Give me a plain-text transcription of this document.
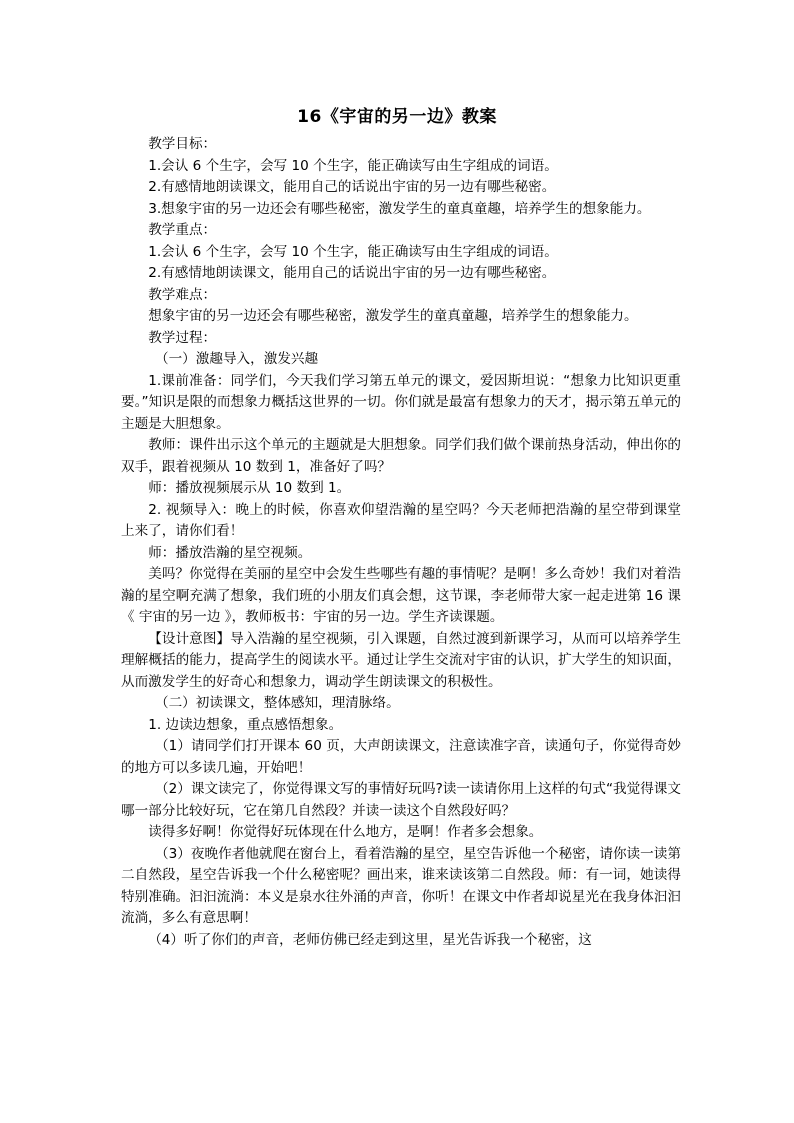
16《宇宙的另一边》教案

教学目标：

1.会认 6 个生字，会写 10 个生字，能正确读写由生字组成的词语。

2.有感情地朗读课文，能用自己的话说出宇宙的另一边有哪些秘密。

3.想象宇宙的另一边还会有哪些秘密，激发学生的童真童趣，培养学生的想象能力。

教学重点：

1.会认 6 个生字，会写 10 个生字，能正确读写由生字组成的词语。

2.有感情地朗读课文，能用自己的话说出宇宙的另一边有哪些秘密。

教学难点：

想象宇宙的另一边还会有哪些秘密，激发学生的童真童趣，培养学生的想象能力。

教学过程：

（一）激趣导入，激发兴趣

1.课前准备：同学们，今天我们学习第五单元的课文，爱因斯坦说：“想象力比知识更重要。”知识是限的而想象力概括这世界的一切。你们就是最富有想象力的天才，揭示第五单元的主题是大胆想象。

教师：课件出示这个单元的主题就是大胆想象。同学们我们做个课前热身活动，伸出你的双手，跟着视频从 10 数到 1，准备好了吗？

师：播放视频展示从 10 数到 1。

2. 视频导入：晚上的时候，你喜欢仰望浩瀚的星空吗？今天老师把浩瀚的星空带到课堂上来了，请你们看！

师：播放浩瀚的星空视频。

美吗？你觉得在美丽的星空中会发生些哪些有趣的事情呢？是啊！多么奇妙！我们对着浩瀚的星空啊充满了想象，我们班的小朋友们真会想，这节课，李老师带大家一起走进第 16 课《 宇宙的另一边 》，教师板书：宇宙的另一边。学生齐读课题。

【设计意图】导入浩瀚的星空视频，引入课题，自然过渡到新课学习，从而可以培养学生理解概括的能力，提高学生的阅读水平。通过让学生交流对宇宙的认识，扩大学生的知识面，从而激发学生的好奇心和想象力，调动学生朗读课文的积极性。

（二）初读课文，整体感知，理清脉络。

1. 边读边想象，重点感悟想象。

（1）请同学们打开课本 60 页，大声朗读课文，注意读准字音，读通句子，你觉得奇妙的地方可以多读几遍，开始吧！

（2）课文读完了，你觉得课文写的事情好玩吗?读一读请你用上这样的句式“我觉得课文哪一部分比较好玩，它在第几自然段？并读一读这个自然段好吗？

读得多好啊！你觉得好玩体现在什么地方，是啊！作者多会想象。

（3）夜晚作者他就爬在窗台上，看着浩瀚的星空，星空告诉他一个秘密，请你读一读第二自然段，星空告诉我一个什么秘密呢？画出来，谁来读该第二自然段。师：有一词，她读得特别准确。汩汩流淌：本义是泉水往外涌的声音，你听！在课文中作者却说星光在我身体汩汩流淌，多么有意思啊！

（4）听了你们的声音，老师仿佛已经走到这里，星光告诉我一个秘密，这
